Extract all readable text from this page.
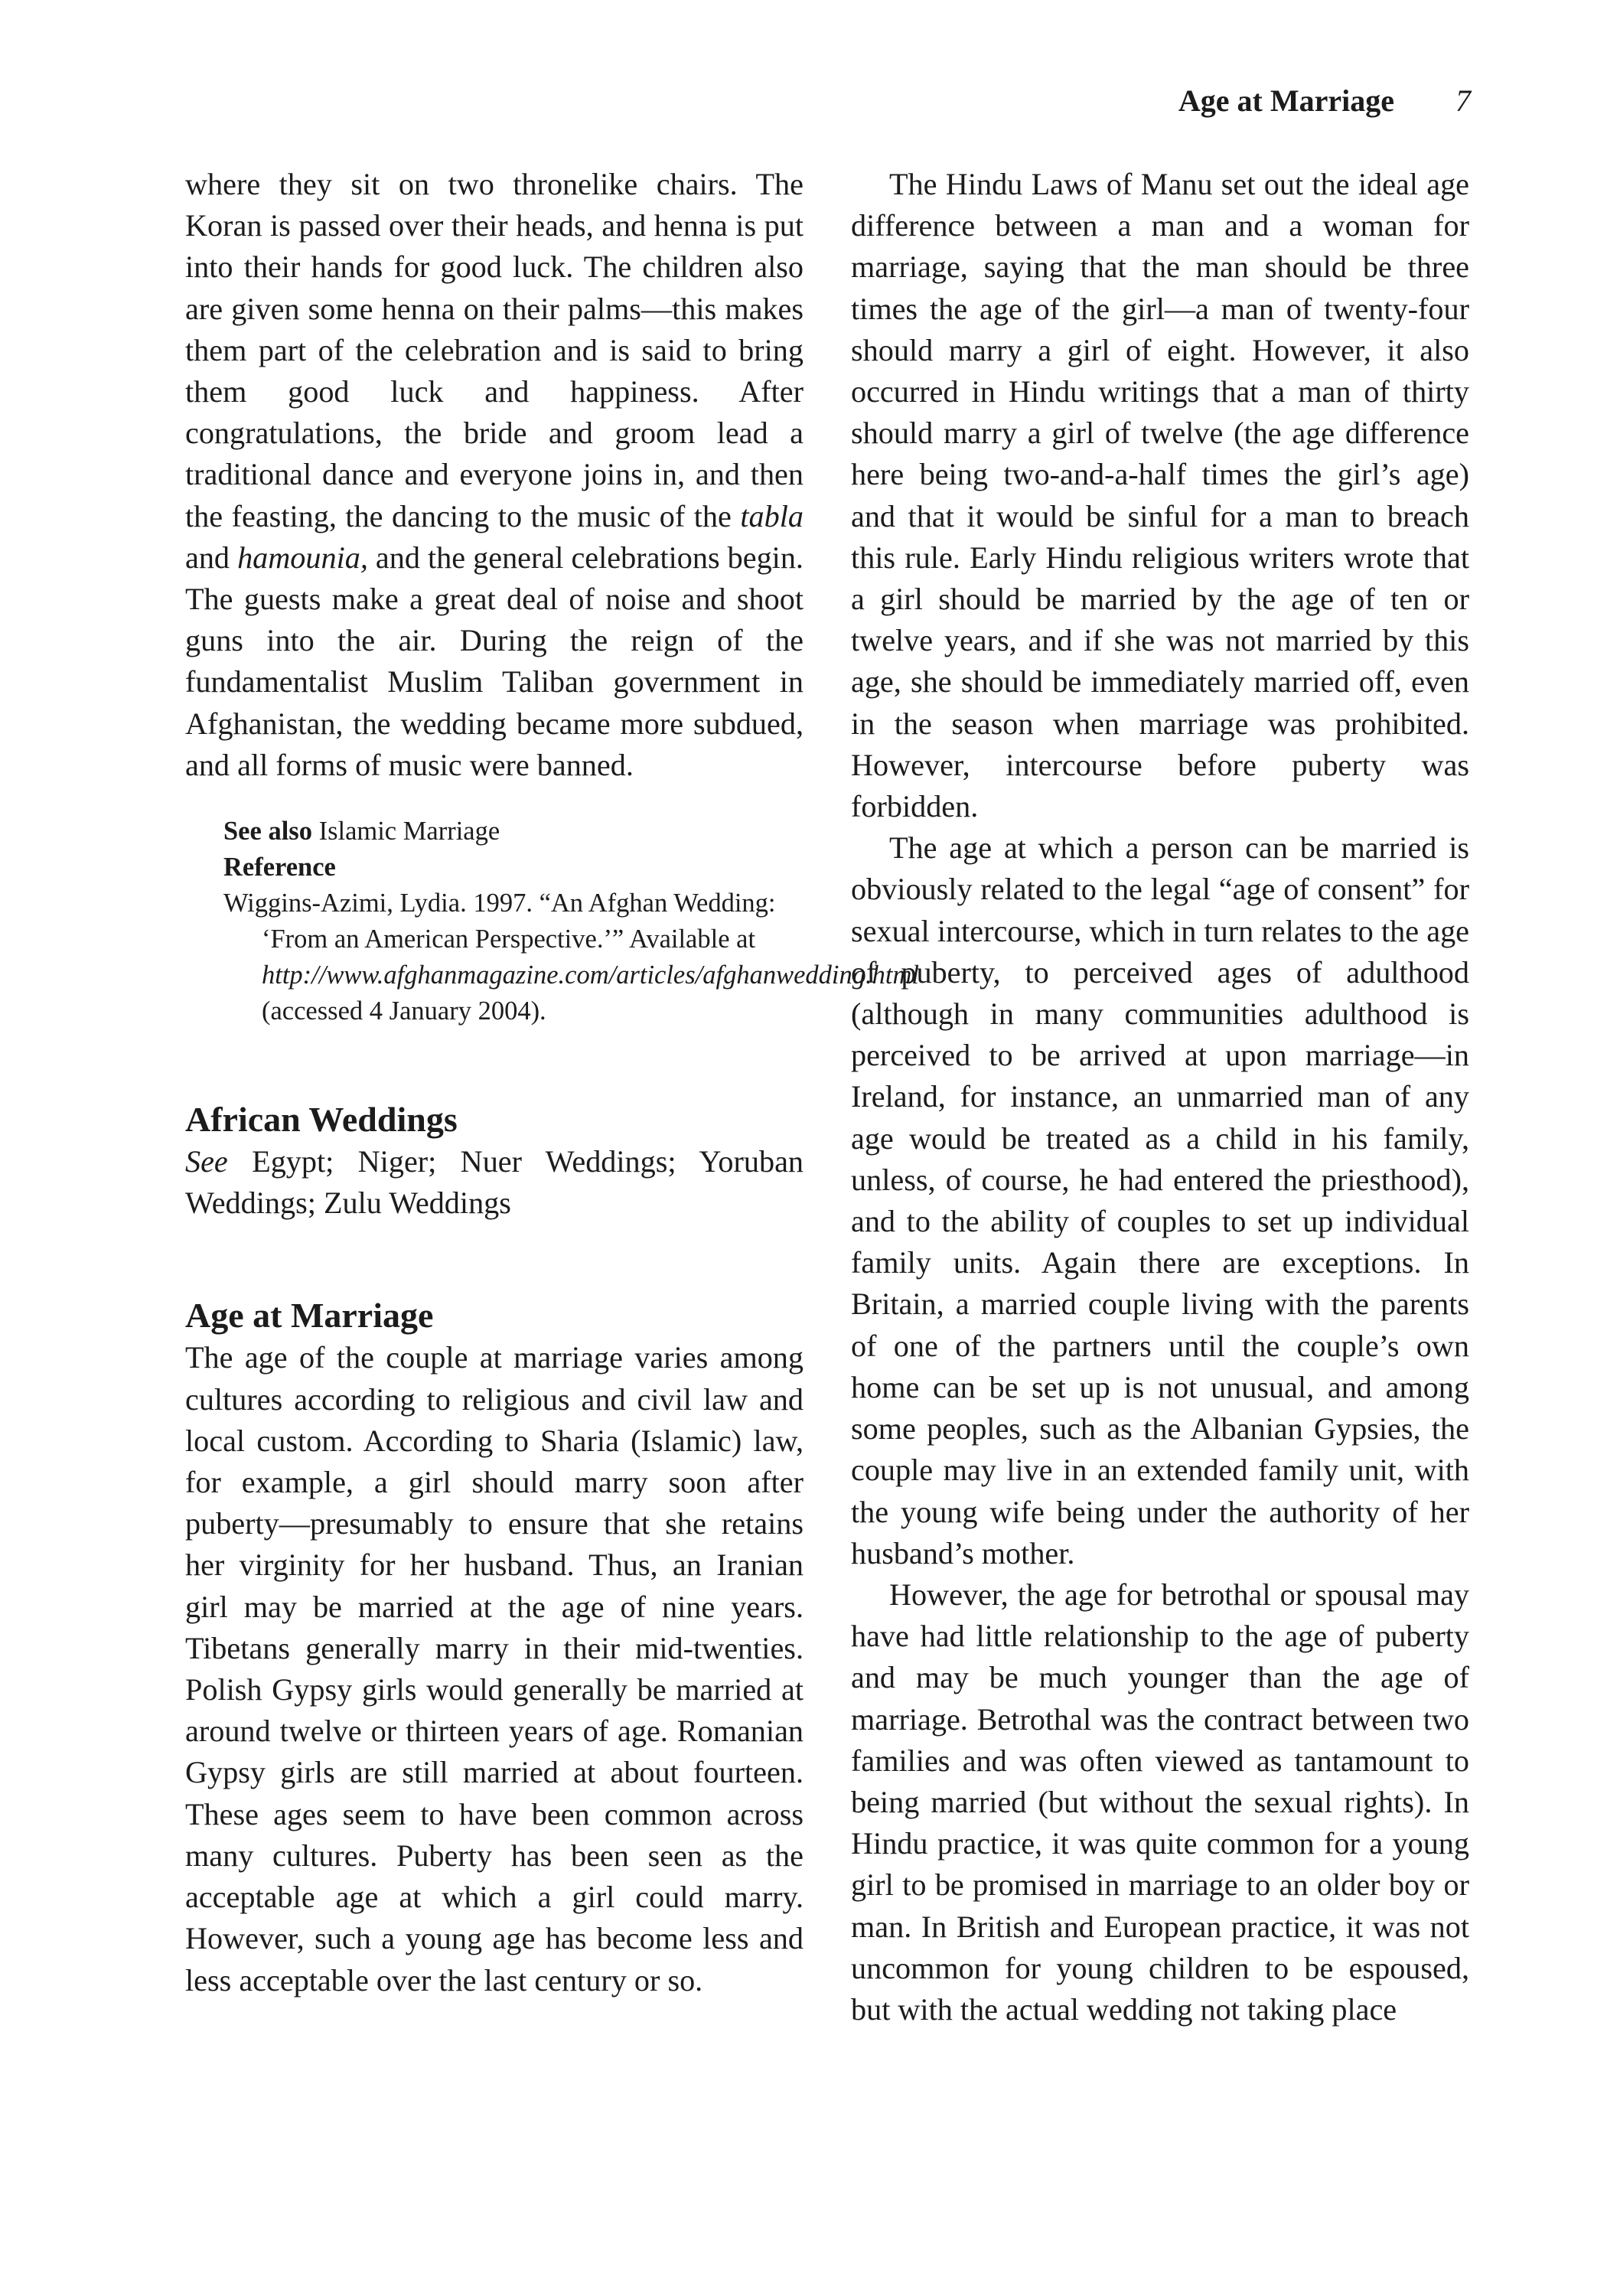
Age at Marriage 7

where they sit on two thronelike chairs. The Koran is passed over their heads, and henna is put into their hands for good luck. The children also are given some henna on their palms—this makes them part of the celebration and is said to bring them good luck and happiness. After congratulations, the bride and groom lead a traditional dance and everyone joins in, and then the feasting, the dancing to the music of the tabla and hamounia, and the general celebrations begin. The guests make a great deal of noise and shoot guns into the air. During the reign of the fundamentalist Muslim Taliban government in Afghanistan, the wedding became more subdued, and all forms of music were banned.

See also Islamic Marriage
Reference
Wiggins-Azimi, Lydia. 1997. “An Afghan Wedding: ‘From an American Perspective.’” Available at http://www.afghanmagazine.com/articles/afghanwedding.html (accessed 4 January 2004).
African Weddings

See Egypt; Niger; Nuer Weddings; Yoruban Weddings; Zulu Weddings

Age at Marriage

The age of the couple at marriage varies among cultures according to religious and civil law and local custom. According to Sharia (Islamic) law, for example, a girl should marry soon after puberty—presumably to ensure that she retains her virginity for her husband. Thus, an Iranian girl may be married at the age of nine years. Tibetans generally marry in their mid-twenties. Polish Gypsy girls would generally be married at around twelve or thirteen years of age. Romanian Gypsy girls are still married at about fourteen. These ages seem to have been common across many cultures. Puberty has been seen as the acceptable age at which a girl could marry. However, such a young age has become less and less acceptable over the last century or so.

The Hindu Laws of Manu set out the ideal age difference between a man and a woman for marriage, saying that the man should be three times the age of the girl—a man of twenty-four should marry a girl of eight. However, it also occurred in Hindu writings that a man of thirty should marry a girl of twelve (the age difference here being two-and-a-half times the girl’s age) and that it would be sinful for a man to breach this rule. Early Hindu religious writers wrote that a girl should be married by the age of ten or twelve years, and if she was not married by this age, she should be immediately married off, even in the season when marriage was prohibited. However, intercourse before puberty was forbidden.

The age at which a person can be married is obviously related to the legal “age of consent” for sexual intercourse, which in turn relates to the age of puberty, to perceived ages of adulthood (although in many communities adulthood is perceived to be arrived at upon marriage—in Ireland, for instance, an unmarried man of any age would be treated as a child in his family, unless, of course, he had entered the priesthood), and to the ability of couples to set up individual family units. Again there are exceptions. In Britain, a married couple living with the parents of one of the partners until the couple’s own home can be set up is not unusual, and among some peoples, such as the Albanian Gypsies, the couple may live in an extended family unit, with the young wife being under the authority of her husband’s mother.

However, the age for betrothal or spousal may have had little relationship to the age of puberty and may be much younger than the age of marriage. Betrothal was the contract between two families and was often viewed as tantamount to being married (but without the sexual rights). In Hindu practice, it was quite common for a young girl to be promised in marriage to an older boy or man. In British and European practice, it was not uncommon for young children to be espoused, but with the actual wedding not taking place
